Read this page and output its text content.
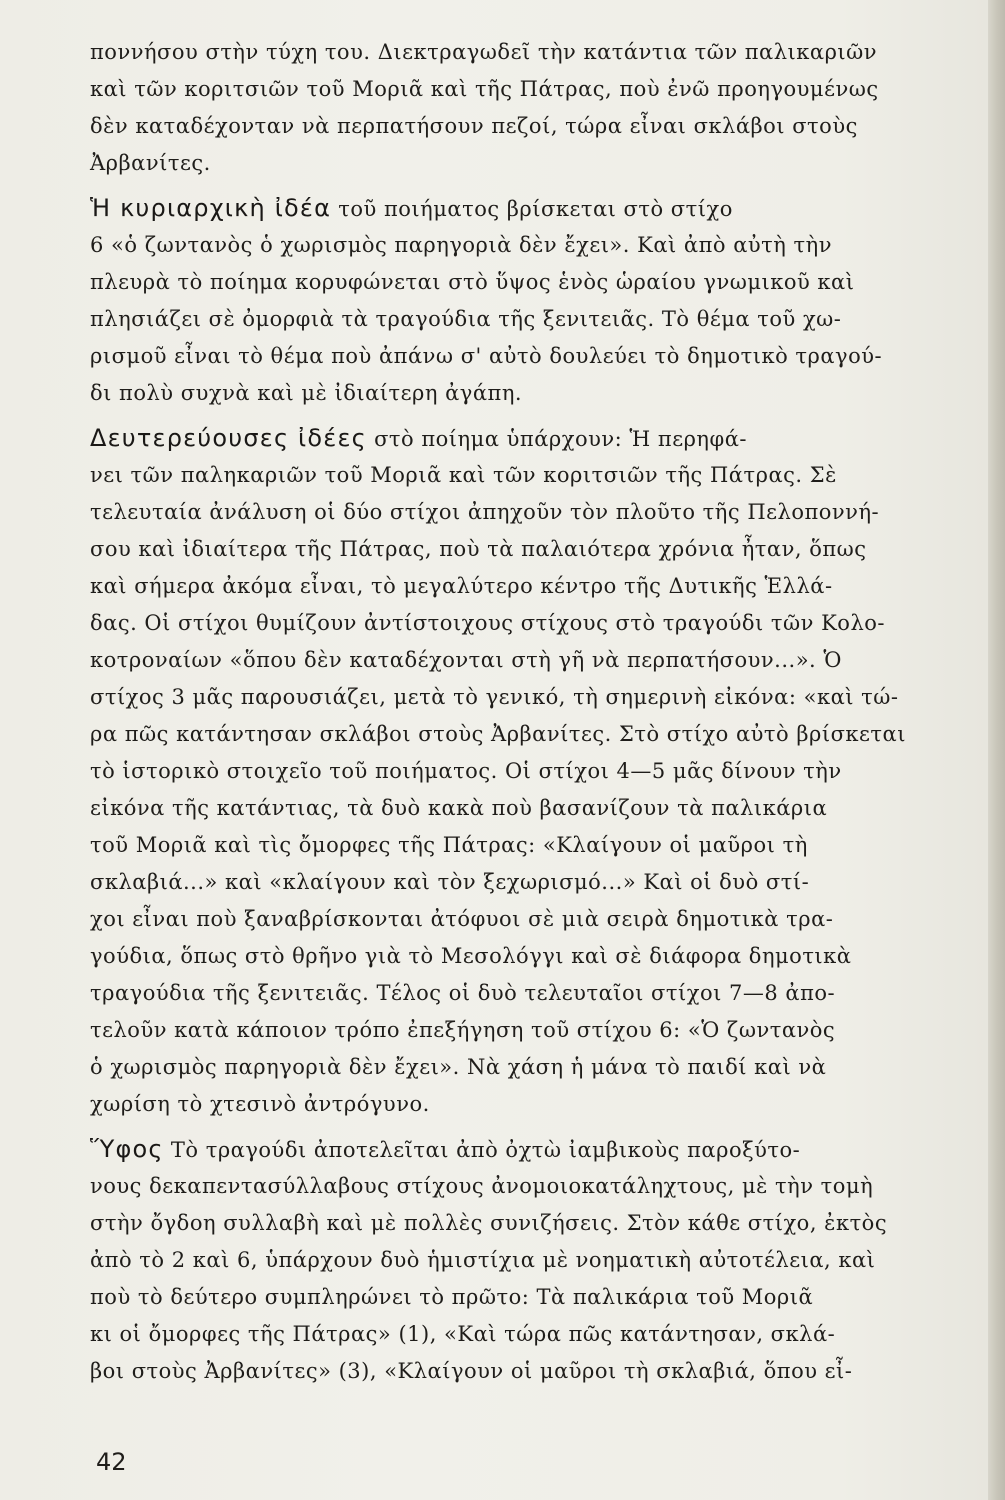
ποννήσου στὴν τύχη του. Διεκτραγωδεῖ τὴν κατάντια τῶν παλικαριῶν
καὶ τῶν κοριτσιῶν τοῦ Μοριᾶ καὶ τῆς Πάτρας, ποὺ ἐνῶ προηγουμένως
δὲν καταδέχονταν νὰ περπατήσουν πεζοί, τώρα εἶναι σκλάβοι στοὺς
Ἀρβανίτες.
Ἡ κυριαρχικὴ ἰδέα τοῦ ποιήματος βρίσκεται στὸ στίχο
6 «ὁ ζωντανὸς ὁ χωρισμὸς παρηγοριὰ δὲν ἔχει». Καὶ ἀπὸ αὐτὴ τὴν
πλευρὰ τὸ ποίημα κορυφώνεται στὸ ὕψος ἑνὸς ὡραίου γνωμικοῦ καὶ
πλησιάζει σὲ ὀμορφιὰ τὰ τραγούδια τῆς ξενιτειᾶς. Τὸ θέμα τοῦ χω-
ρισμοῦ εἶναι τὸ θέμα ποὺ ἀπάνω σ' αὐτὸ δουλεύει τὸ δημοτικὸ τραγού-
δι πολὺ συχνὰ καὶ μὲ ἰδιαίτερη ἀγάπη.
Δευτερεύουσες ἰδέες στὸ ποίημα ὑπάρχουν: Ἡ περηφά-
νει τῶν παληκαριῶν τοῦ Μοριᾶ καὶ τῶν κοριτσιῶν τῆς Πάτρας. Σὲ
τελευταία ἀνάλυση οἱ δύο στίχοι ἀπηχοῦν τὸν πλοῦτο τῆς Πελοποννή-
σου καὶ ἰδιαίτερα τῆς Πάτρας, ποὺ τὰ παλαιότερα χρόνια ἦταν, ὅπως
καὶ σήμερα ἀκόμα εἶναι, τὸ μεγαλύτερο κέντρο τῆς Δυτικῆς Ἑλλά-
δας. Οἱ στίχοι θυμίζουν ἀντίστοιχους στίχους στὸ τραγούδι τῶν Κολο-
κοτροναίων «ὅπου δὲν καταδέχονται στὴ γῆ νὰ περπατήσουν...». Ὁ
στίχος 3 μᾶς παρουσιάζει, μετὰ τὸ γενικό, τὴ σημερινὴ εἰκόνα: «καὶ τώ-
ρα πῶς κατάντησαν σκλάβοι στοὺς Ἀρβανίτες. Στὸ στίχο αὐτὸ βρίσκεται
τὸ ἱστορικὸ στοιχεῖο τοῦ ποιήματος. Οἱ στίχοι 4—5 μᾶς δίνουν τὴν
εἰκόνα τῆς κατάντιας, τὰ δυὸ κακὰ ποὺ βασανίζουν τὰ παλικάρια
τοῦ Μοριᾶ καὶ τὶς ὄμορφες τῆς Πάτρας: «Κλαίγουν οἱ μαῦροι τὴ
σκλαβιά...» καὶ «κλαίγουν καὶ τὸν ξεχωρισμό...» Καὶ οἱ δυὸ στί-
χοι εἶναι ποὺ ξαναβρίσκονται ἀτόφυοι σὲ μιὰ σειρὰ δημοτικὰ τρα-
γούδια, ὅπως στὸ θρῆνο γιὰ τὸ Μεσολόγγι καὶ σὲ διάφορα δημοτικὰ
τραγούδια τῆς ξενιτειᾶς. Τέλος οἱ δυὸ τελευταῖοι στίχοι 7—8 ἀπο-
τελοῦν κατὰ κάποιον τρόπο ἐπεξήγηση τοῦ στίχου 6: «Ὁ ζωντανὸς
ὁ χωρισμὸς παρηγοριὰ δὲν ἔχει». Νὰ χάση ἡ μάνα τὸ παιδί καὶ νὰ
χωρίση τὸ χτεσινὸ ἀντρόγυνο.
Ὕφος Τὸ τραγούδι ἀποτελεῖται ἀπὸ ὀχτὼ ἰαμβικοὺς παροξύτο-
νους δεκαπεντασύλλαβους στίχους ἀνομοιοκατάληχτους, μὲ τὴν τομὴ
στὴν ὄγδοη συλλαβὴ καὶ μὲ πολλὲς συνιζήσεις. Στὸν κάθε στίχο, ἐκτὸς
ἀπὸ τὸ 2 καὶ 6, ὑπάρχουν δυὸ ἡμιστίχια μὲ νοηματικὴ αὐτοτέλεια, καὶ
ποὺ τὸ δεύτερο συμπληρώνει τὸ πρῶτο: Τὰ παλικάρια τοῦ Μοριᾶ
κι οἱ ὄμορφες τῆς Πάτρας» (1), «Καὶ τώρα πῶς κατάντησαν, σκλά-
βοι στοὺς Ἀρβανίτες» (3), «Κλαίγουν οἱ μαῦροι τὴ σκλαβιά, ὅπου εἶ-
42
